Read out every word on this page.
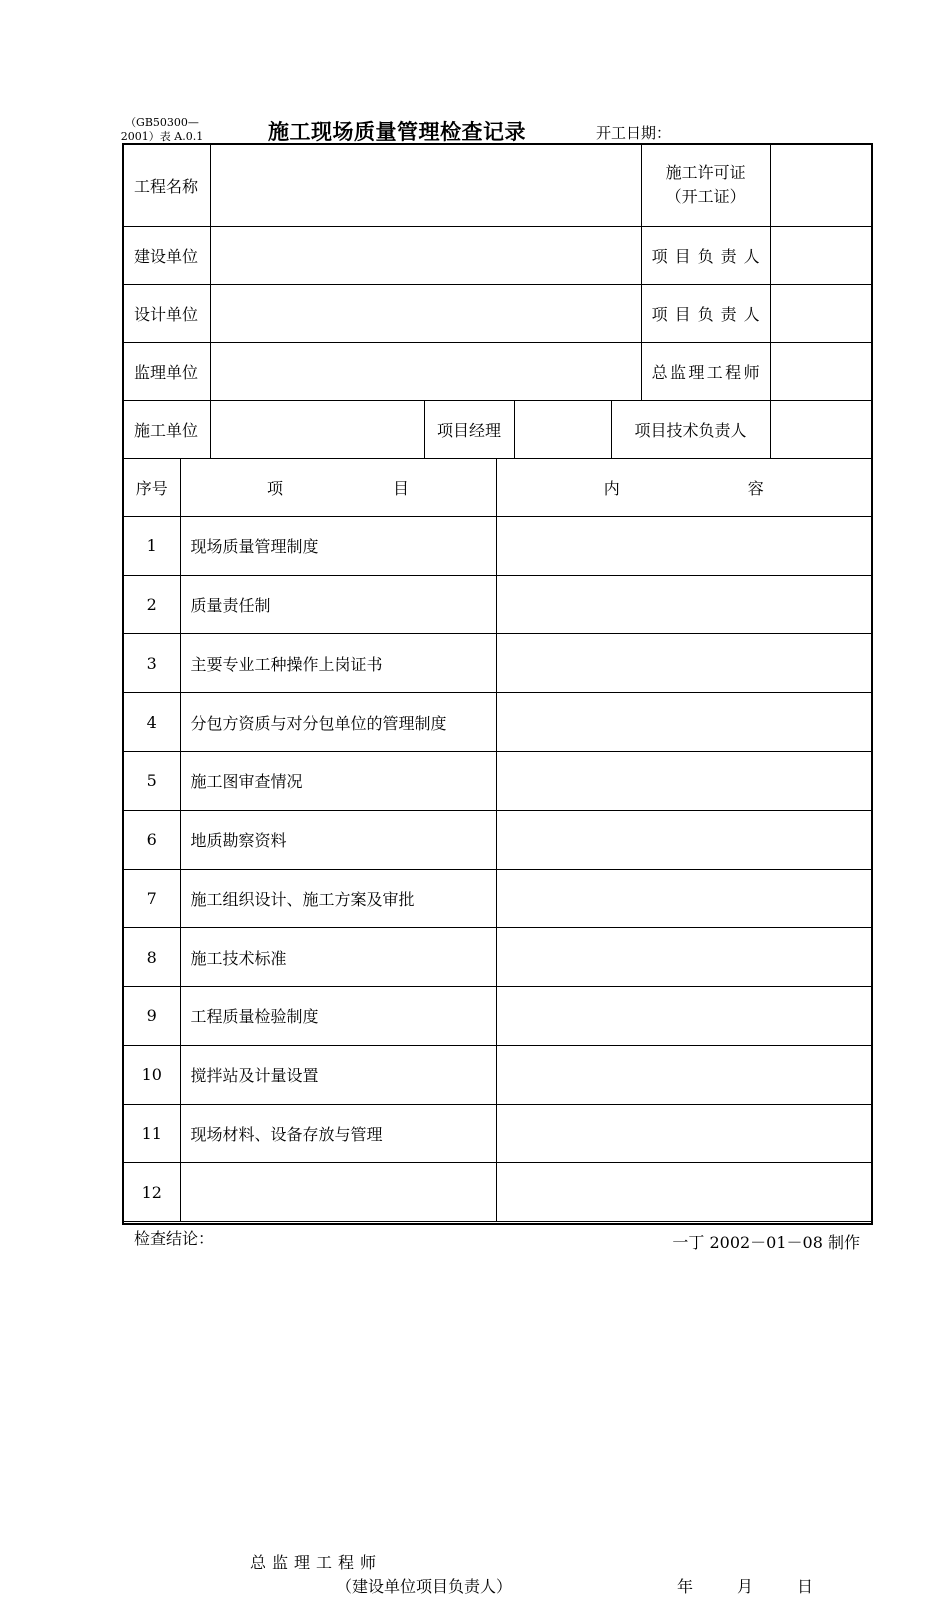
（GB50300—
2001）表 A.0.1	施工现场质量管理检查记录	开工日期：
工程名称							施工许可证（开工证）	
建设单位							项目负责人	
设计单位							项目负责人	
监理单位							总监理工程师	
施工单位			项目经理			项目技术负责人		
序号	项 目			内 容				
1	现场质量管理制度							
2	质量责任制							
3	主要专业工种操作上岗证书							
4	分包方资质与对分包单位的管理制度							
5	施工图审查情况							
6	地质勘察资料							
7	施工组织设计、施工方案及审批							
8	施工技术标准							
9	工程质量检验制度							
10	搅拌站及计量设置							
11	现场材料、设备存放与管理							
12								

检查结论：
总监理工程师
（建设单位项目负责人） 年 月 日								
一丁 2002－01－08 制作
